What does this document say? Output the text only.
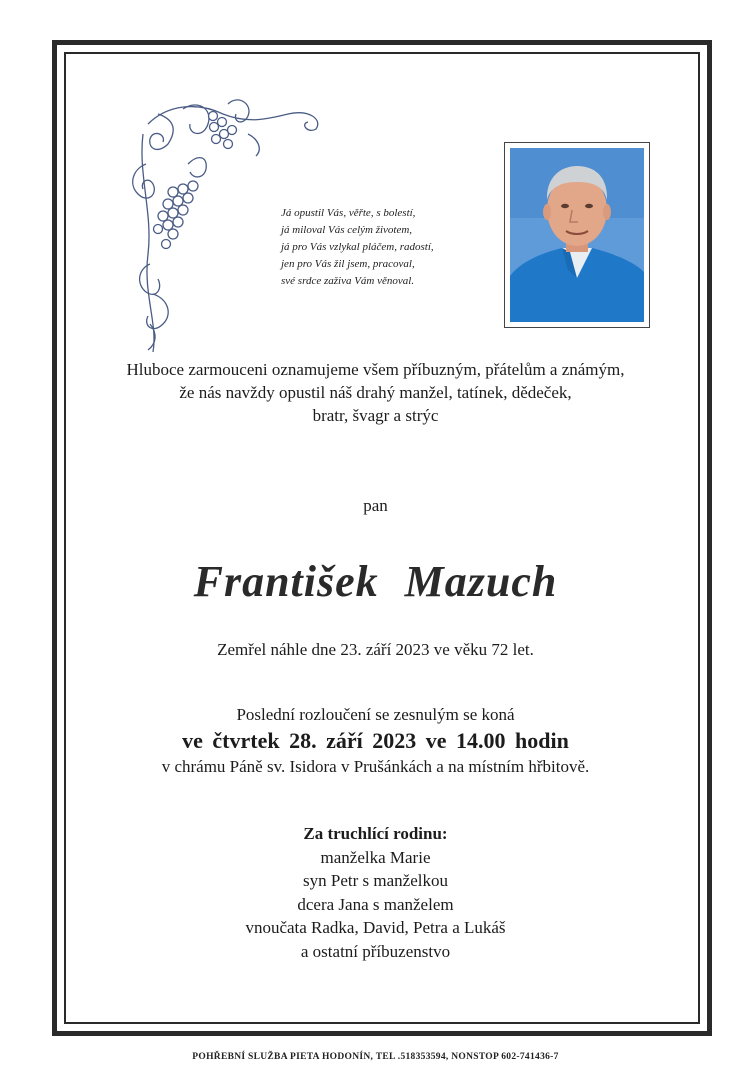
Já opustil Vás, věřte, s bolestí,
já miloval Vás celým životem,
já pro Vás vzlykal pláčem, radostí,
jen pro Vás žil jsem, pracoval,
své srdce zaživa Vám věnoval.
Hluboce zarmouceni oznamujeme všem příbuzným, přátelům a známým,
že nás navždy opustil náš drahý manžel, tatínek, dědeček,
bratr, švagr a strýc
pan
František Mazuch
Zemřel náhle dne 23. září 2023 ve věku 72 let.
Poslední rozloučení se zesnulým se koná
ve čtvrtek 28. září 2023 ve 14.00 hodin
v chrámu Páně sv. Isidora v Prušánkách a na místním hřbitově.
Za truchlící rodinu:
manželka Marie
syn Petr s manželkou
dcera Jana s manželem
vnoučata Radka, David, Petra a Lukáš
a ostatní příbuzenstvo
POHŘEBNÍ SLUŽBA PIETA HODONÍN, TEL .518353594, NONSTOP 602-741436-7
